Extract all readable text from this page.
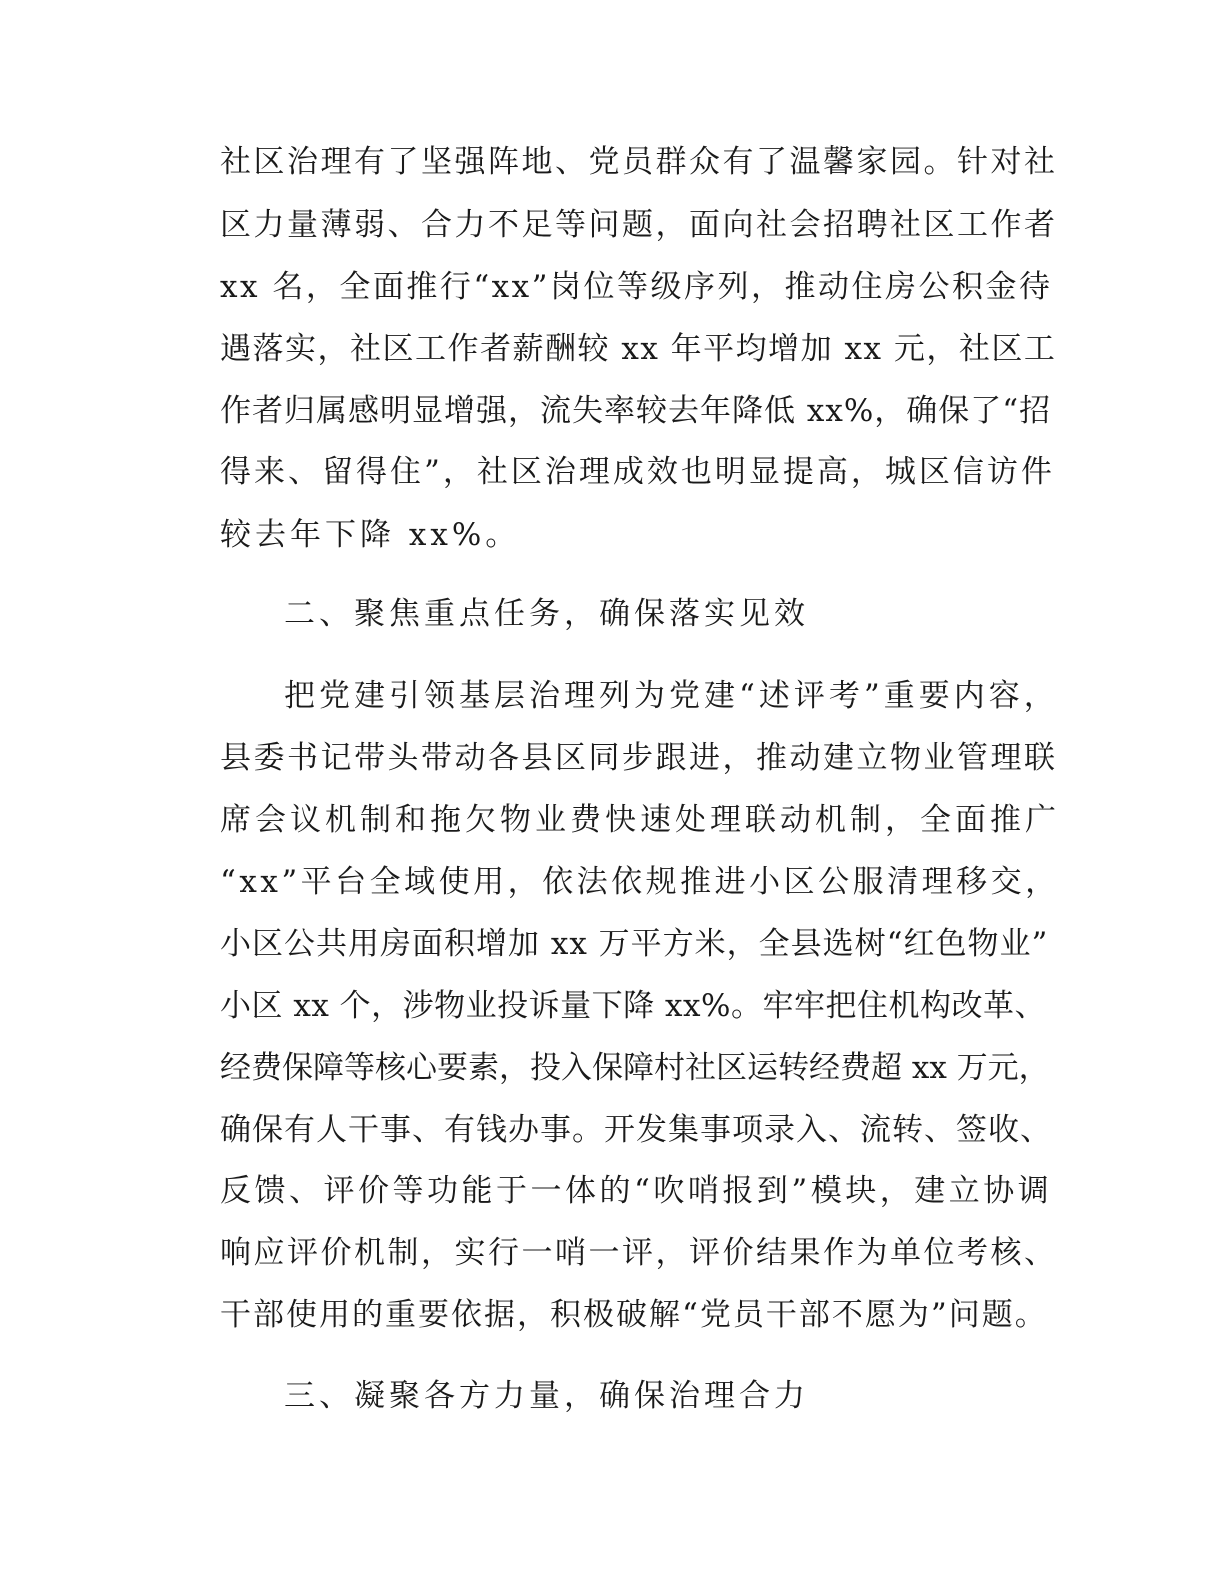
社区治理有了坚强阵地、党员群众有了温馨家园。针对社
区力量薄弱、合力不足等问题，面向社会招聘社区工作者
xx 名，全面推行“xx”岗位等级序列，推动住房公积金待
遇落实，社区工作者薪酬较 xx 年平均增加 xx 元，社区工
作者归属感明显增强，流失率较去年降低 xx%，确保了“招
得来、留得住”，社区治理成效也明显提高，城区信访件
较去年下降 xx%。
二、聚焦重点任务，确保落实见效
把党建引领基层治理列为党建“述评考”重要内容，
县委书记带头带动各县区同步跟进，推动建立物业管理联
席会议机制和拖欠物业费快速处理联动机制，全面推广
“xx”平台全域使用，依法依规推进小区公服清理移交，
小区公共用房面积增加 xx 万平方米，全县选树“红色物业”
小区 xx 个，涉物业投诉量下降 xx%。牢牢把住机构改革、
经费保障等核心要素，投入保障村社区运转经费超 xx 万元，
确保有人干事、有钱办事。开发集事项录入、流转、签收、
反馈、评价等功能于一体的“吹哨报到”模块，建立协调
响应评价机制，实行一哨一评，评价结果作为单位考核、
干部使用的重要依据，积极破解“党员干部不愿为”问题。
三、凝聚各方力量，确保治理合力
